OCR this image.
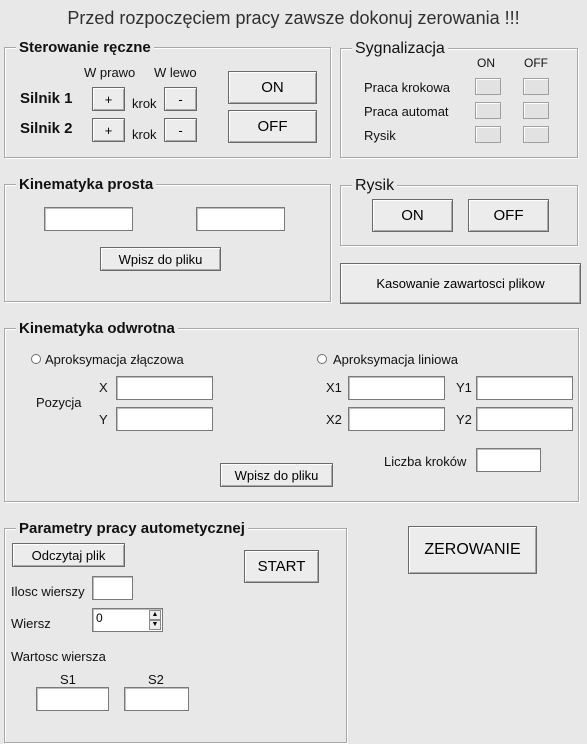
Przed rozpoczęciem pracy zawsze dokonuj zerowania !!!
Sterowanie ręczne
W prawo W lewo
Silnik 1
Silnik 2
+	krok	-
+	krok	-
ON
OFF
Sygnalizacja
ON OFF
Praca krokowa
Praca automat
Rysik
Kinematyka prosta
Wpisz do pliku
Rysik
ON	OFF
Kasowanie zawartosci plikow
Kinematyka odwrotna
Aproksymacja złączowa	Aproksymacja liniowa
Pozycja
X
Y
X1	Y1
X2	Y2
Liczba kroków
Wpisz do pliku
Parametry pracy autometycznej
Odczytaj plik
START
Ilosc wierszy
Wiersz	0	▲
▼
Wartosc wiersza
S1	S2
ZEROWANIE
